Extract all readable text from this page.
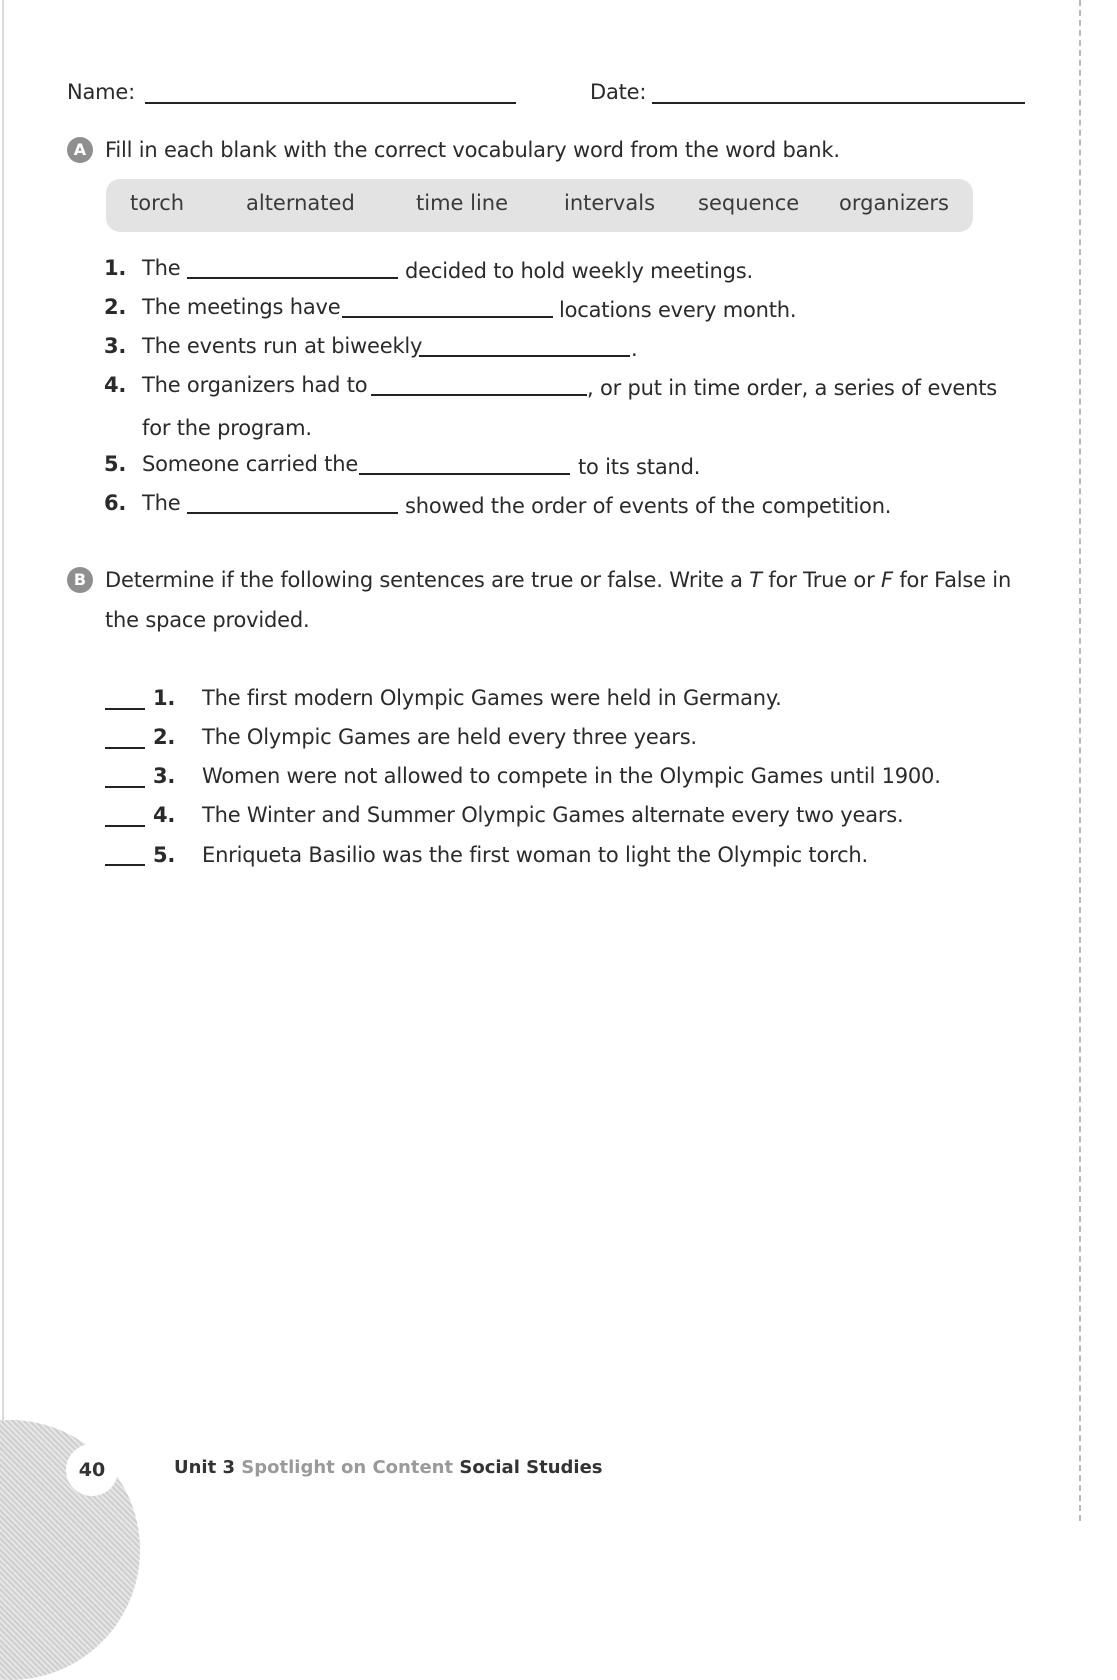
Name:	Date:
A Fill in each blank with the correct vocabulary word from the word bank.
torch	alternated	time line	intervals sequence organizers
1. The	decided to hold weekly meetings.
2. The meetings have	locations every month.
3. The events run at biweekly	.
4. The organizers had to	, or put in time order, a series of events
for the program.
5. Someone carried the	to its stand.
6. The	showed the order of events of the competition.
B Determine if the following sentences are true or false. Write a T for True or F for False in
the space provided.
1. The first modern Olympic Games were held in Germany.
2. The Olympic Games are held every three years.
3. Women were not allowed to compete in the Olympic Games until 1900.
4. The Winter and Summer Olympic Games alternate every two years.
5. Enriqueta Basilio was the first woman to light the Olympic torch.
40	Unit 3 Spotlight on Content Social Studies
